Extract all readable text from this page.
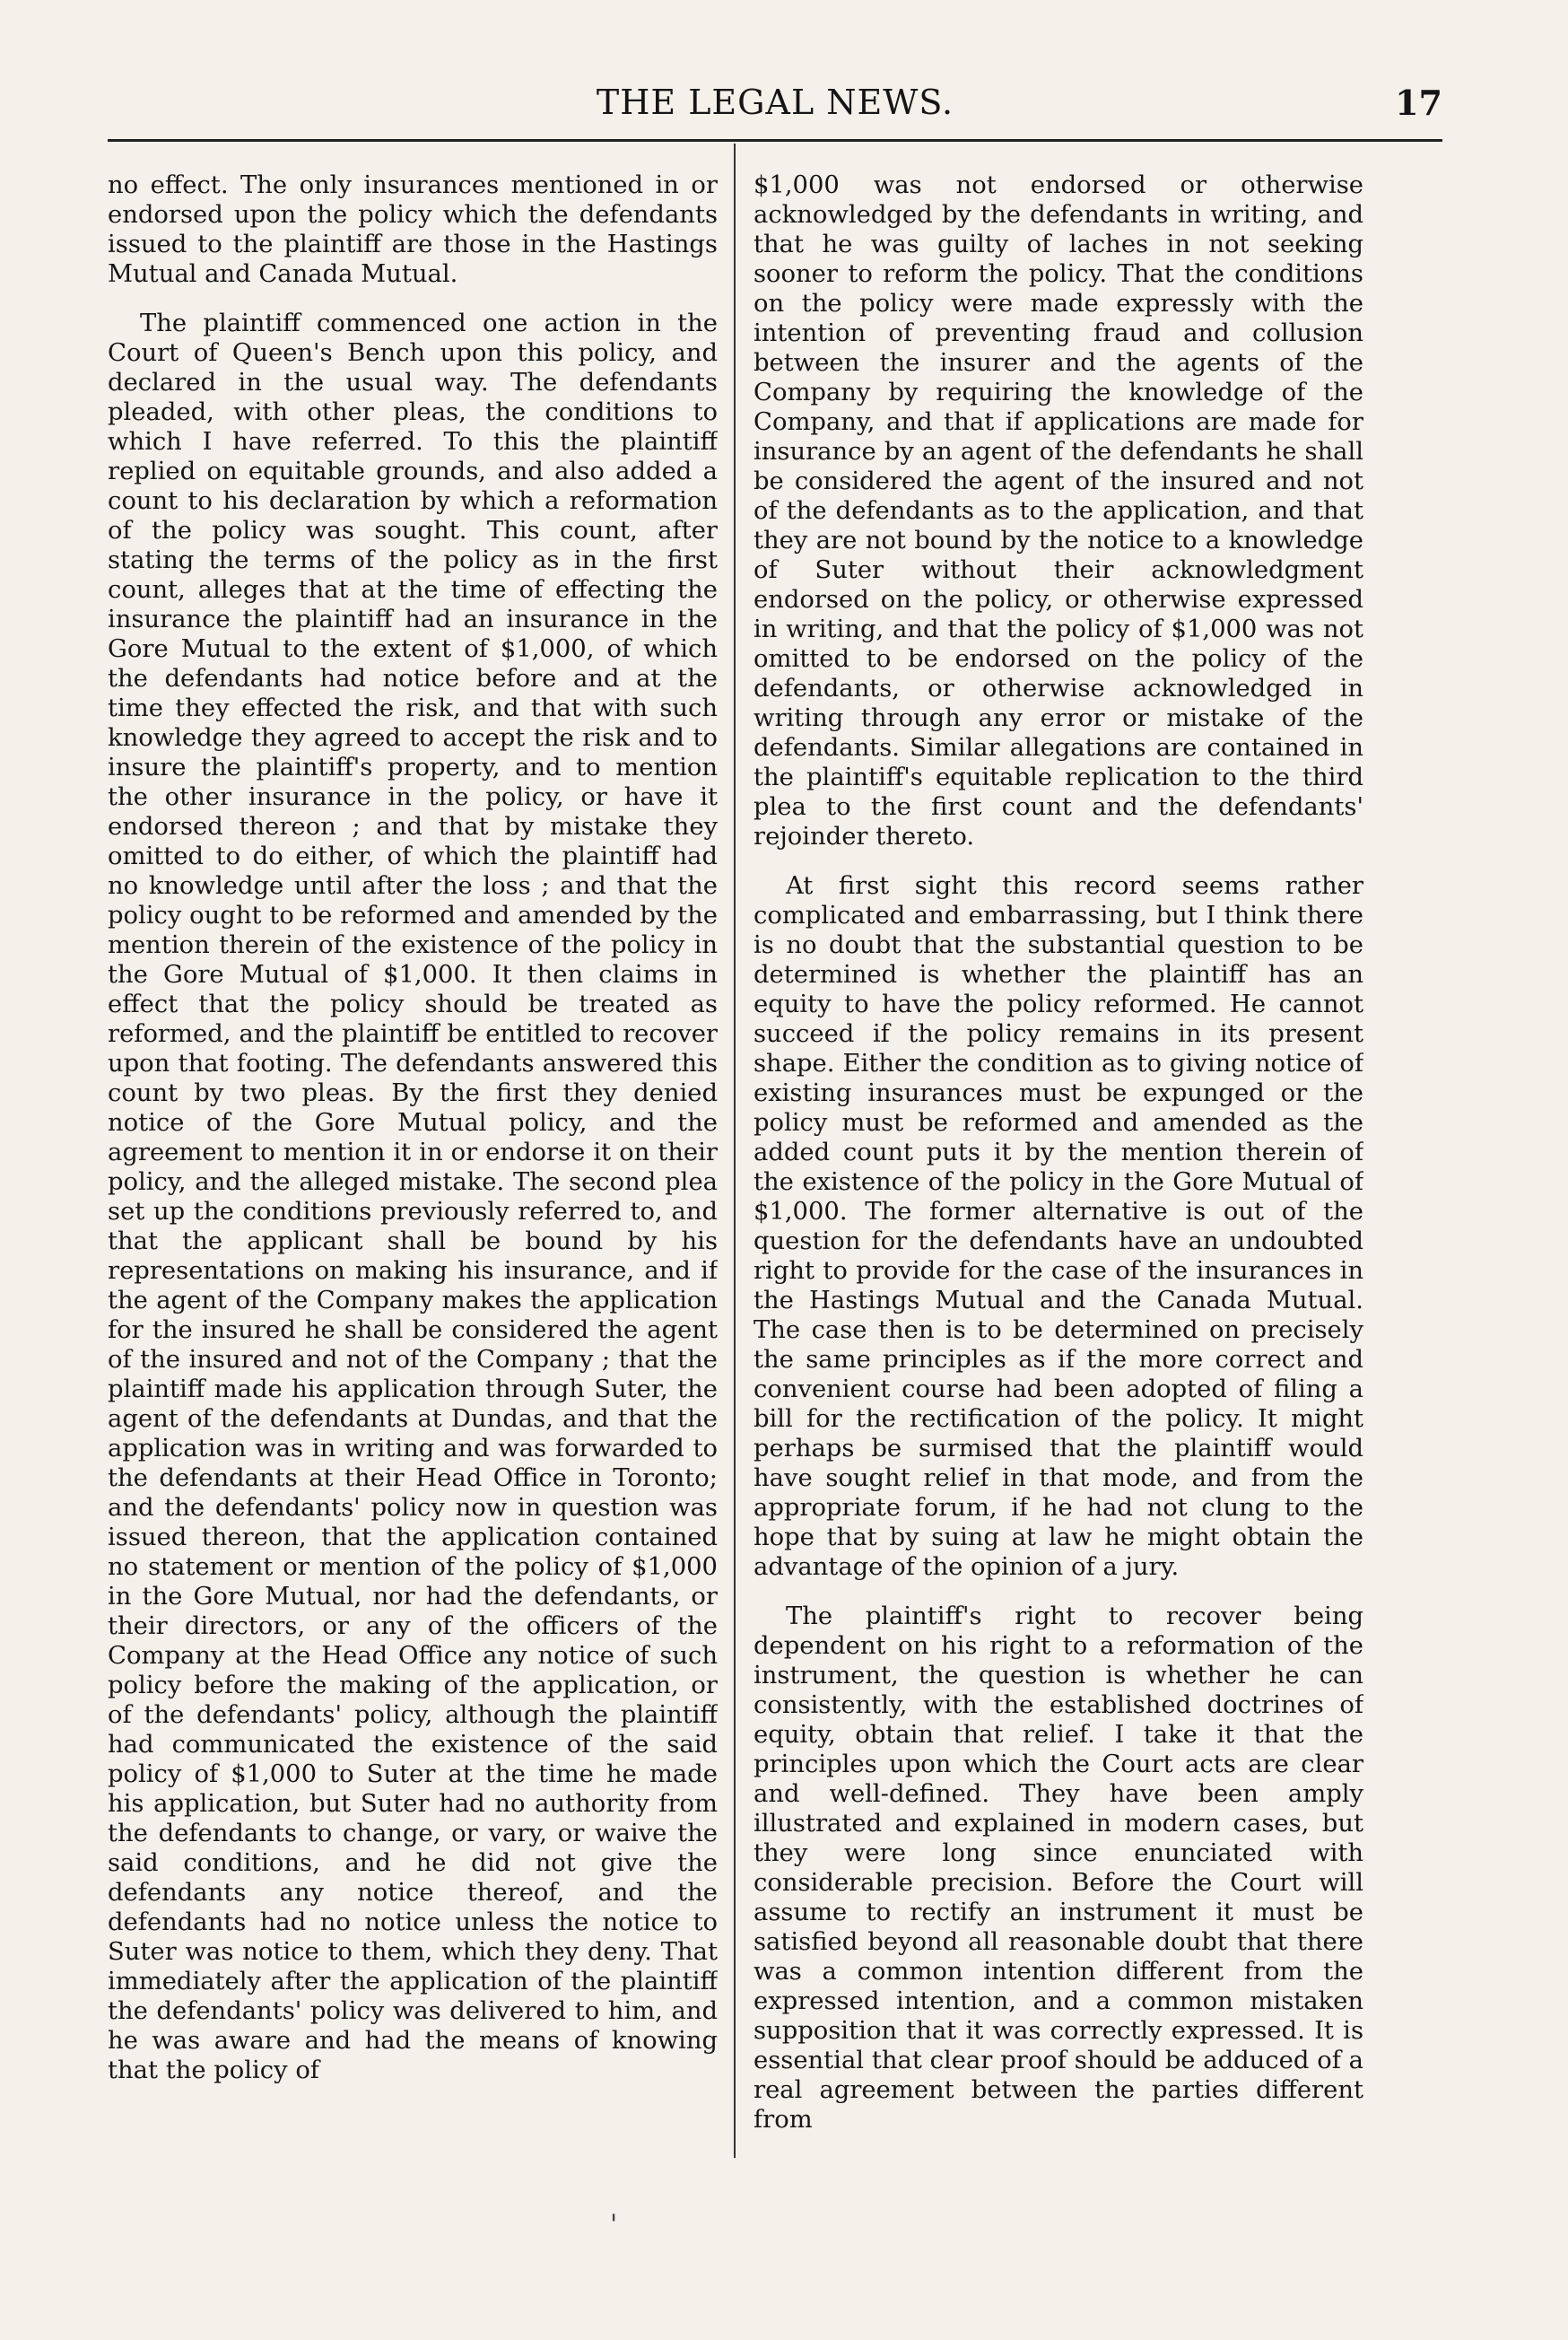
THE LEGAL NEWS.	17

no effect. The only insurances mentioned in or endorsed upon the policy which the defendants issued to the plaintiff are those in the Hastings Mutual and Canada Mutual.

The plaintiff commenced one action in the Court of Queen's Bench upon this policy, and declared in the usual way. The defendants pleaded, with other pleas, the conditions to which I have referred. To this the plaintiff replied on equitable grounds, and also added a count to his declaration by which a reformation of the policy was sought. This count, after stating the terms of the policy as in the first count, alleges that at the time of effecting the insurance the plaintiff had an insurance in the Gore Mutual to the extent of $1,000, of which the defendants had notice before and at the time they effected the risk, and that with such knowledge they agreed to accept the risk and to insure the plaintiff's property, and to mention the other insurance in the policy, or have it endorsed thereon ; and that by mistake they omitted to do either, of which the plaintiff had no knowledge until after the loss ; and that the policy ought to be reformed and amended by the mention therein of the existence of the policy in the Gore Mutual of $1,000. It then claims in effect that the policy should be treated as reformed, and the plaintiff be entitled to recover upon that footing. The defendants answered this count by two pleas. By the first they denied notice of the Gore Mutual policy, and the agreement to mention it in or endorse it on their policy, and the alleged mistake. The second plea set up the conditions previously referred to, and that the applicant shall be bound by his representations on making his insurance, and if the agent of the Company makes the application for the insured he shall be considered the agent of the insured and not of the Company ; that the plaintiff made his application through Suter, the agent of the defendants at Dundas, and that the application was in writing and was forwarded to the defendants at their Head Office in Toronto; and the defendants' policy now in question was issued thereon, that the application contained no statement or mention of the policy of $1,000 in the Gore Mutual, nor had the defendants, or their directors, or any of the officers of the Company at the Head Office any notice of such policy before the making of the application, or of the defendants' policy, although the plaintiff had communicated the existence of the said policy of $1,000 to Suter at the time he made his application, but Suter had no authority from the defendants to change, or vary, or waive the said conditions, and he did not give the defendants any notice thereof, and the defendants had no notice unless the notice to Suter was notice to them, which they deny. That immediately after the application of the plaintiff the defendants' policy was delivered to him, and he was aware and had the means of knowing that the policy of

$1,000 was not endorsed or otherwise acknowledged by the defendants in writing, and that he was guilty of laches in not seeking sooner to reform the policy. That the conditions on the policy were made expressly with the intention of preventing fraud and collusion between the insurer and the agents of the Company by requiring the knowledge of the Company, and that if applications are made for insurance by an agent of the defendants he shall be considered the agent of the insured and not of the defendants as to the application, and that they are not bound by the notice to a knowledge of Suter without their acknowledgment endorsed on the policy, or otherwise expressed in writing, and that the policy of $1,000 was not omitted to be endorsed on the policy of the defendants, or otherwise acknowledged in writing through any error or mistake of the defendants. Similar allegations are contained in the plaintiff's equitable replication to the third plea to the first count and the defendants' rejoinder thereto.

At first sight this record seems rather complicated and embarrassing, but I think there is no doubt that the substantial question to be determined is whether the plaintiff has an equity to have the policy reformed. He cannot succeed if the policy remains in its present shape. Either the condition as to giving notice of existing insurances must be expunged or the policy must be reformed and amended as the added count puts it by the mention therein of the existence of the policy in the Gore Mutual of $1,000. The former alternative is out of the question for the defendants have an undoubted right to provide for the case of the insurances in the Hastings Mutual and the Canada Mutual. The case then is to be determined on precisely the same principles as if the more correct and convenient course had been adopted of filing a bill for the rectification of the policy. It might perhaps be surmised that the plaintiff would have sought relief in that mode, and from the appropriate forum, if he had not clung to the hope that by suing at law he might obtain the advantage of the opinion of a jury.

The plaintiff's right to recover being dependent on his right to a reformation of the instrument, the question is whether he can consistently, with the established doctrines of equity, obtain that relief. I take it that the principles upon which the Court acts are clear and well-defined. They have been amply illustrated and explained in modern cases, but they were long since enunciated with considerable precision. Before the Court will assume to rectify an instrument it must be satisfied beyond all reasonable doubt that there was a common intention different from the expressed intention, and a common mistaken supposition that it was correctly expressed. It is essential that clear proof should be adduced of a real agreement between the parties different from

'
